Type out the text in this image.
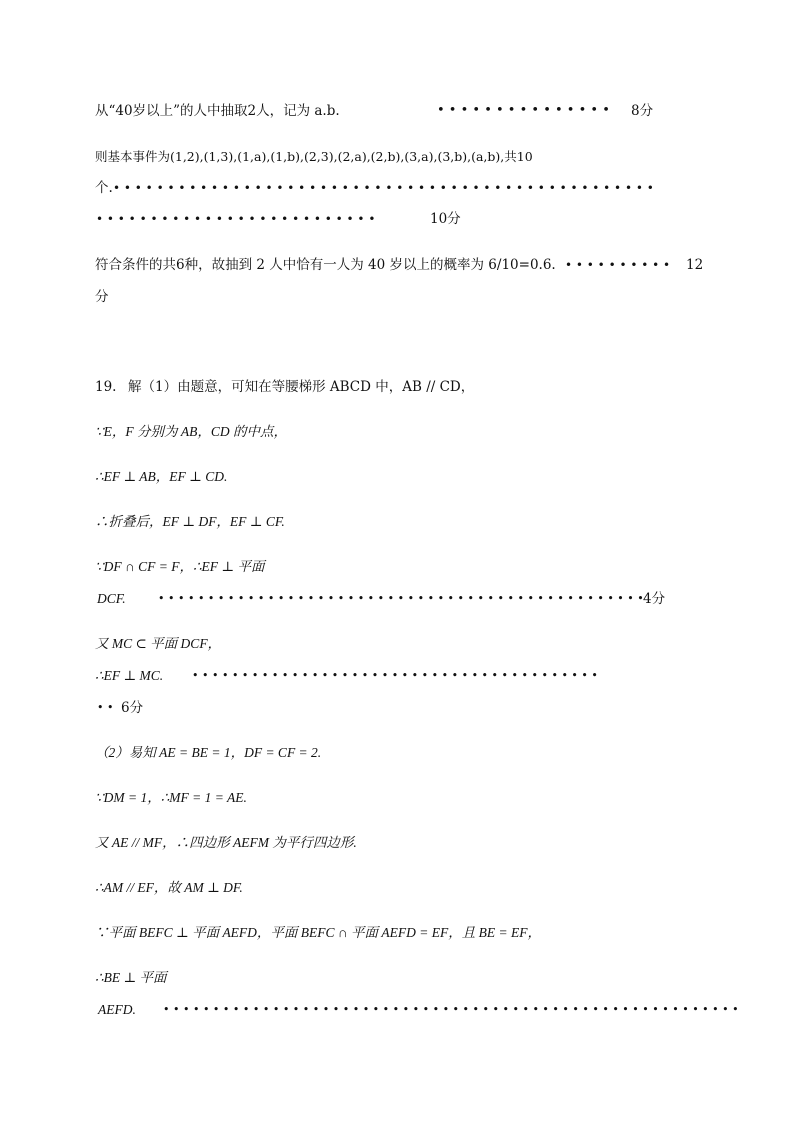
从“40岁以上”的人中抽取2人，记为 a.b.	• • • • • • • • • • • • • • • 8分
则基本事件为(1,2),(1,3),(1,a),(1,b),(2,3),(2,a),(2,b),(3,a),(3,b),(a,b),共10
个. • • • • • • • • • • • • • • • • • • • • • • • • • • • • • • • • • • • • • • • • • • • • • • • • • •
• • • • • • • • • • • • • • • • • • • • • • • • • •	10分
符合条件的共6种，故抽到 2 人中恰有一人为 40 岁以上的概率为 6/10=0.6. • • • • • • • • • • 12
分
19. 解（1）由题意，可知在等腰梯形 ABCD 中，AB // CD，
∵E，F 分别为 AB，CD 的中点，
∴EF ⊥ AB，EF ⊥ CD.
∴折叠后，EF ⊥ DF，EF ⊥ CF.
∵DF ∩ CF = F，∴EF ⊥ 平面
DCF.	• • • • • • • • • • • • • • • • • • • • • • • • • • • • • • • • • • • • • • • • • • • • • • • • • 4分
又 MC ⊂ 平面 DCF，
∴EF ⊥ MC.	• • • • • • • • • • • • • • • • • • • • • • • • • • • • • • • • • • • • • • • • •
• • 6分
（2）易知 AE = BE = 1，DF = CF = 2.
∵DM = 1，∴MF = 1 = AE.
又 AE // MF，∴四边形 AEFM 为平行四边形.
∴AM // EF，故 AM ⊥ DF.
∵平面 BEFC ⊥ 平面 AEFD，平面 BEFC ∩ 平面 AEFD = EF，且 BE = EF，
∴BE ⊥ 平面
AEFD. • • • • • • • • • • • • • • • • • • • • • • • • • • • • • • • • • • • • • • • • • • • • • • • • • • • • • • • • • •
